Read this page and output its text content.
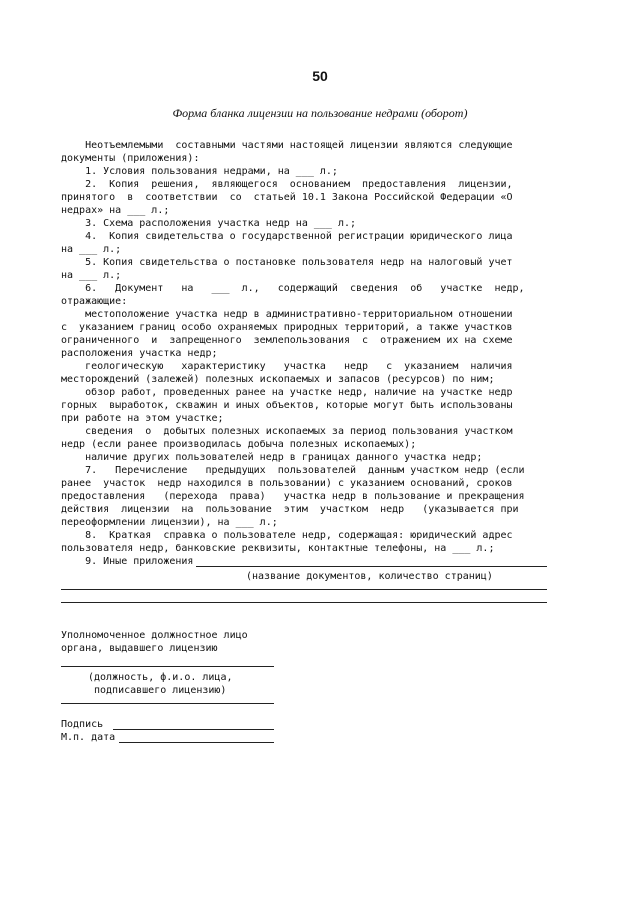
50
Форма бланка лицензии на пользование недрами (оборот)
Неотъемлемыми  составными частями настоящей лицензии являются следующие
документы (приложения):
1. Условия пользования недрами, на ___ л.;
2.  Копия  решения,  являющегося  основанием  предоставления  лицензии,
принятого  в  соответствии  со  статьей 10.1 Закона Российской Федерации «О
недрах» на ___ л.;
3. Схема расположения участка недр на ___ л.;
4.  Копия свидетельства о государственной регистрации юридического лица
на ___ л.;
5. Копия свидетельства о постановке пользователя недр на налоговый учет
на ___ л.;
6.   Документ   на   ___  л.,   содержащий  сведения  об   участке  недр,
отражающие:
местоположение участка недр в административно-территориальном отношении
с  указанием границ особо охраняемых природных территорий, а также участков
ограниченного  и  запрещенного  землепользования  с  отражением их на схеме
расположения участка недр;
геологическую   характеристику   участка   недр   с  указанием  наличия
месторождений (залежей) полезных ископаемых и запасов (ресурсов) по ним;
обзор работ, проведенных ранее на участке недр, наличие на участке недр
горных  выработок, скважин и иных объектов, которые могут быть использованы
при работе на этом участке;
сведения  о  добытых полезных ископаемых за период пользования участком
недр (если ранее производилась добыча полезных ископаемых);
наличие других пользователей недр в границах данного участка недр;
7.   Перечисление   предыдущих  пользователей  данным участком недр (если
ранее  участок  недр находился в пользовании) с указанием оснований, сроков
предоставления   (перехода  права)   участка недр в пользование и прекращения
действия  лицензии  на  пользование  этим  участком  недр   (указывается при
переоформлении лицензии), на ___ л.;
8.  Краткая  справка о пользователе недр, содержащая: юридический адрес
пользователя недр, банковские реквизиты, контактные телефоны, на ___ л.;
9. Иные приложения
(название документов, количество страниц)
Уполномоченное должностное лицо
органа, выдавшего лицензию
(должность, ф.и.о. лица,
подписавшего лицензию)
Подпись
М.п. дата
